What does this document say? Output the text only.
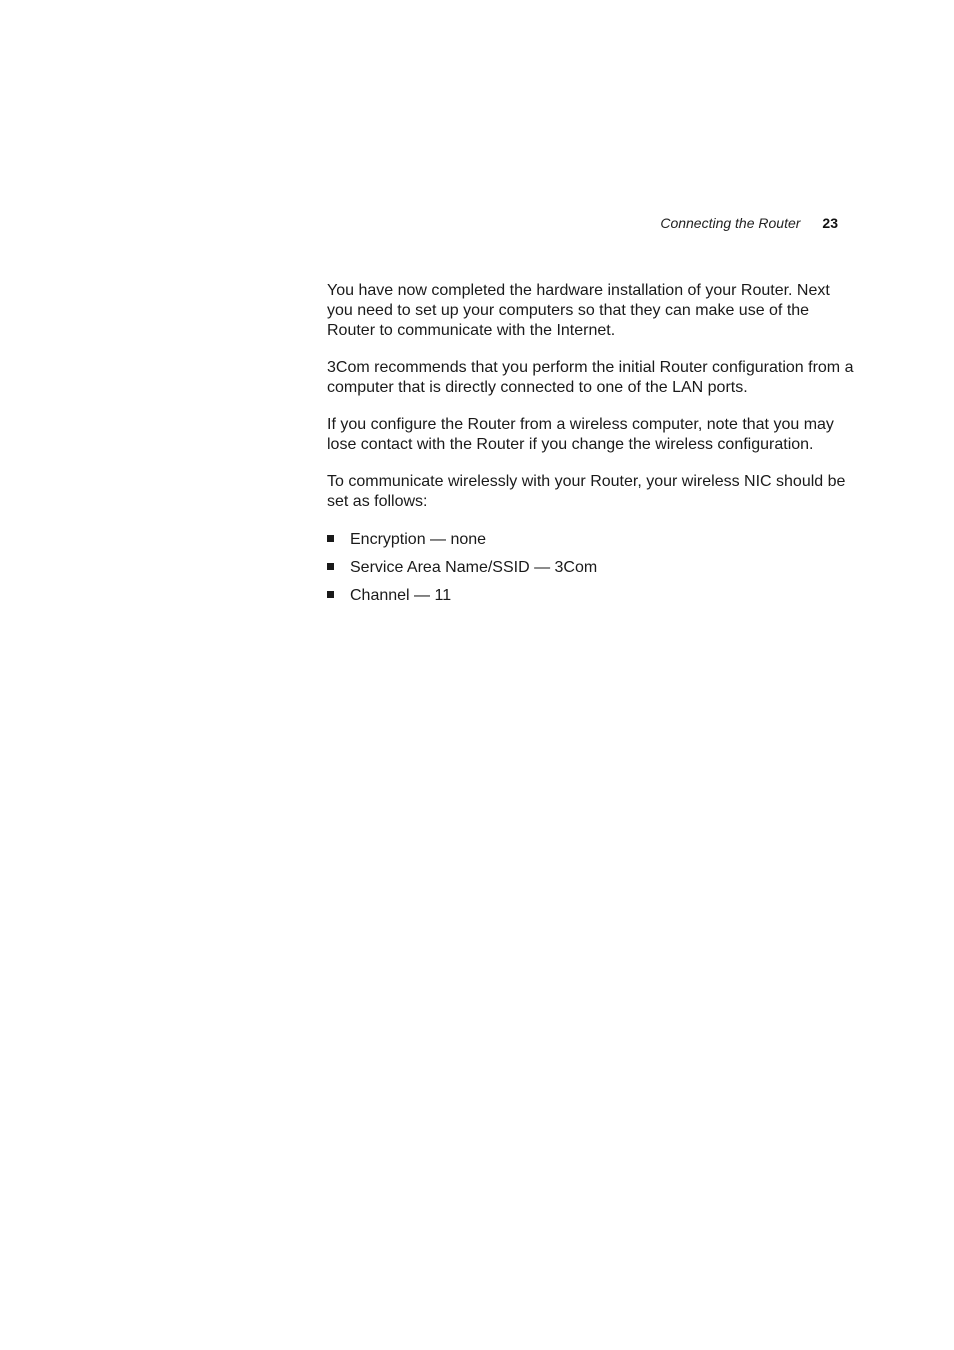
Connecting the Router 23

You have now completed the hardware installation of your Router. Next you need to set up your computers so that they can make use of the Router to communicate with the Internet.

3Com recommends that you perform the initial Router configuration from a computer that is directly connected to one of the LAN ports.

If you configure the Router from a wireless computer, note that you may lose contact with the Router if you change the wireless configuration.

To communicate wirelessly with your Router, your wireless NIC should be set as follows:

Encryption — none
Service Area Name/SSID — 3Com
Channel — 11
